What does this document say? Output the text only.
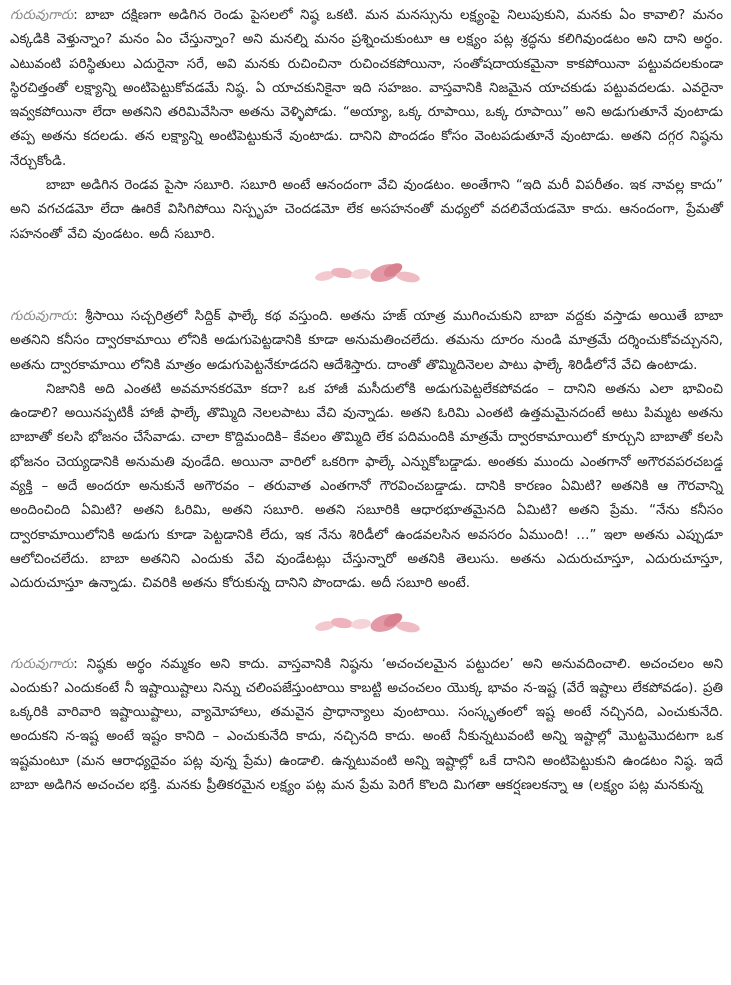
గురువుగారు: బాబా దక్షిణగా అడిగిన రెండు పైసలలో నిష్ఠ ఒకటి. మన మనస్సును లక్ష్యంపై నిలుపుకుని, మనకు ఏం కావాలి? మనం ఎక్కడికి వెళ్తున్నాం? మనం ఏం చేస్తున్నాం? అని మనల్ని మనం ప్రశ్నించుకుంటూ ఆ లక్ష్యం పట్ల శ్రద్ధను కలిగివుండటం అని దాని అర్థం. ఎటువంటి పరిస్థితులు ఎదురైనా సరే, అవి మనకు రుచించినా రుచించకపోయినా, సంతోషదాయకమైనా కాకపోయినా పట్టువదలకుండా స్థిరచిత్తంతో లక్ష్యాన్ని అంటిపెట్టుకోవడమే నిష్ఠ. ఏ యాచకునికైనా ఇది సహజం. వాస్తవానికి నిజమైన యాచకుడు పట్టువదలడు. ఎవరైనా ఇవ్వకపోయినా లేదా అతనిని తరిమివేసినా అతను వెళ్ళిపోడు. “అయ్యా, ఒక్క రూపాయి, ఒక్క రూపాయి” అని అడుగుతూనే వుంటాడు తప్ప అతను కదలడు. తన లక్ష్యాన్ని అంటిపెట్టుకునే వుంటాడు. దానిని పొందడం కోసం వెంటపడుతూనే వుంటాడు. అతని దగ్గర నిష్ఠను నేర్చుకోండి.

బాబా అడిగిన రెండవ పైసా సబూరి. సబూరి అంటే ఆనందంగా వేచి వుండటం. అంతేగాని “ఇది మరీ విపరీతం. ఇక నావల్ల కాదు” అని వగచడమో లేదా ఊరికే విసిగిపోయి నిస్పృహ చెందడమో లేక అసహనంతో మధ్యలో వదలివేయడమో కాదు. ఆనందంగా, ప్రేమతో సహనంతో వేచి వుండటం. అదీ సబూరి.

గురువుగారు: శ్రీసాయి సచ్చరిత్రలో సిద్దిక్ ఫాల్కే కథ వస్తుంది. అతను హజ్ యాత్ర ముగించుకుని బాబా వద్దకు వస్తాడు అయితే బాబా అతనిని కనీసం ద్వారకామాయి లోనికి అడుగుపెట్టడానికి కూడా అనుమతించలేదు. తమను దూరం నుండి మాత్రమే దర్శించుకోవచ్చునని, అతను ద్వారకామాయి లోనికి మాత్రం అడుగుపెట్టనేకూడదని ఆదేశిస్తారు. దాంతో తొమ్మిదినెలల పాటు ఫాల్కే శిరిడీలోనే వేచి ఉంటాడు.

నిజానికి అది ఎంతటి అవమానకరమో కదా? ఒక హాజీ మసీదులోకి అడుగుపెట్టలేకపోవడం – దానిని అతను ఎలా భావించి ఉండాలి? అయినప్పటికీ హాజీ ఫాల్కే తొమ్మిది నెలలపాటు వేచి వున్నాడు. అతని ఓరిమి ఎంతటి ఉత్తమమైనదంటే అటు పిమ్మట అతను బాబాతో కలసి భోజనం చేసేవాడు. చాలా కొద్దిమందికి– కేవలం తొమ్మిది లేక పదిమందికి మాత్రమే ద్వారకామాయిలో కూర్చుని బాబాతో కలసి భోజనం చెయ్యడానికి అనుమతి వుండేది. అయినా వారిలో ఒకరిగా ఫాల్కే ఎన్నుకోబడ్డాడు. అంతకు ముందు ఎంతగానో అగౌరవపరచబడ్డ వ్యక్తి – అదే అందరూ అనుకునే అగౌరవం – తరువాత ఎంతగానో గౌరవించబడ్డాడు. దానికి కారణం ఏమిటి? అతనికి ఆ గౌరవాన్ని అందించింది ఏమిటి? అతని ఓరిమి, అతని సబూరి. అతని సబూరికి ఆధారభూతమైనది ఏమిటి? అతని ప్రేమ. “నేను కనీసం ద్వారకామాయిలోనికి అడుగు కూడా పెట్టడానికి లేదు, ఇక నేను శిరిడీలో ఉండవలసిన అవసరం ఏముంది! …” ఇలా అతను ఎప్పుడూ ఆలోచించలేదు. బాబా అతనిని ఎందుకు వేచి వుండేటట్లు చేస్తున్నారో అతనికి తెలుసు. అతను ఎదురుచూస్తూ, ఎదురుచూస్తూ, ఎదురుచూస్తూ ఉన్నాడు. చివరికి అతను కోరుకున్న దానిని పొందాడు. అదీ సబూరి అంటే.

గురువుగారు: నిష్ఠకు అర్థం నమ్మకం అని కాదు. వాస్తవానికి నిష్ఠను ‘అచంచలమైన పట్టుదల’ అని అనువదించాలి. అచంచలం అని ఎందుకు? ఎందుకంటే నీ ఇష్టాయిష్టాలు నిన్ను చలింపజేస్తుంటాయి కాబట్టి అచంచలం యొక్క భావం న-ఇష్ట (వేరే ఇష్టాలు లేకపోవడం). ప్రతి ఒక్కరికి వారివారి ఇష్టాయిష్టాలు, వ్యామోహాలు, తమవైన ప్రాధాన్యాలు వుంటాయి. సంస్కృతంలో ఇష్ట అంటే నచ్చినది, ఎంచుకునేది. అందుకని న-ఇష్ట అంటే ఇష్టం కానిది – ఎంచుకునేది కాదు, నచ్చినది కాదు. అంటే నీకున్నటువంటి అన్ని ఇష్టాల్లో మొట్టమొదటగా ఒక ఇష్టమంటూ (మన ఆరాధ్యదైవం పట్ల వున్న ప్రేమ) ఉండాలి. ఉన్నటువంటి అన్ని ఇష్టాల్లో ఒకే దానిని అంటిపెట్టుకుని ఉండటం నిష్ఠ. ఇదే బాబా అడిగిన అచంచల భక్తి. మనకు ప్రీతికరమైన లక్ష్యం పట్ల మన ప్రేమ పెరిగే కొలది మిగతా ఆకర్షణలకన్నా ఆ (లక్ష్యం పట్ల మనకున్న
